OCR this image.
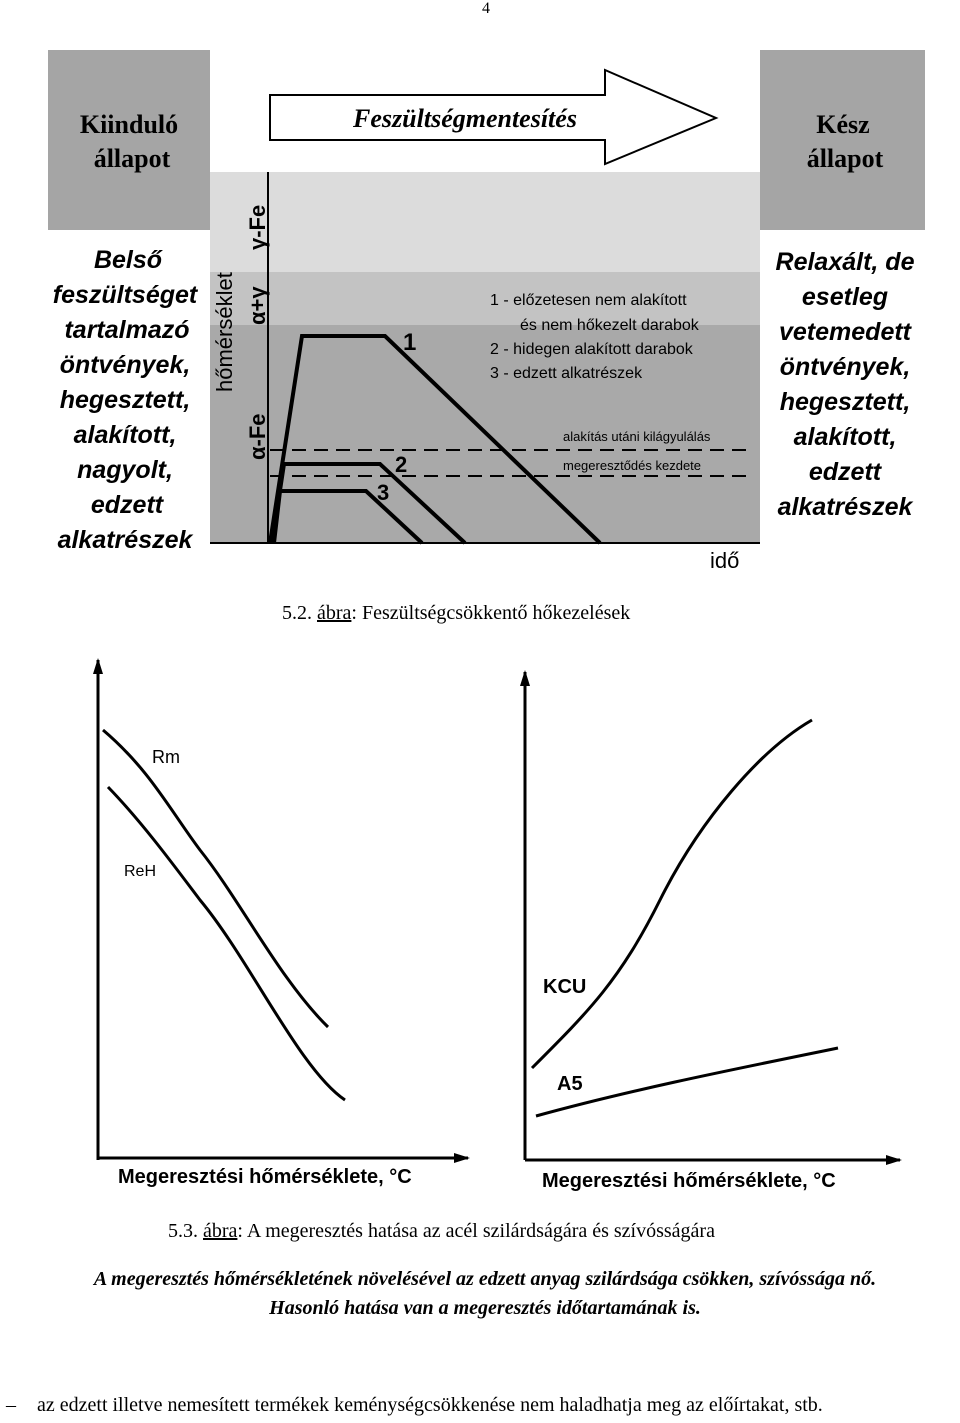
4
Kiinduló
állapot
Kész
állapot
Feszültségmentesítés
hőmérséklet
γ-Fe
α+γ
α-Fe
1 - előzetesen nem alakított
és nem hőkezelt darabok
2 - hidegen alakított darabok
3 - edzett alkatrészek
alakítás utáni kilágyulálás
megeresztődés kezdete
1
2
3
idő
Belső
feszültséget
tartalmazó
öntvények,
hegesztett,
alakított,
nagyolt,
edzett
alkatrészek
Relaxált, de
esetleg
vetemedett
öntvények,
hegesztett,
alakított,
edzett
alkatrészek
5.2. ábra: Feszültségcsökkentő hőkezelések
Rm
ReH
Megeresztési hőmérséklete, °C
KCU
A5
Megeresztési hőmérséklete, °C
5.3. ábra: A megeresztés hatása az acél szilárdságára és szívósságára
A megeresztés hőmérsékletének növelésével az edzett anyag szilárdsága csökken, szívóssága nő.
Hasonló hatása van a megeresztés időtartamának is.
– az edzett illetve nemesített termékek keménységcsökkenése nem haladhatja meg az előírtakat, stb.
